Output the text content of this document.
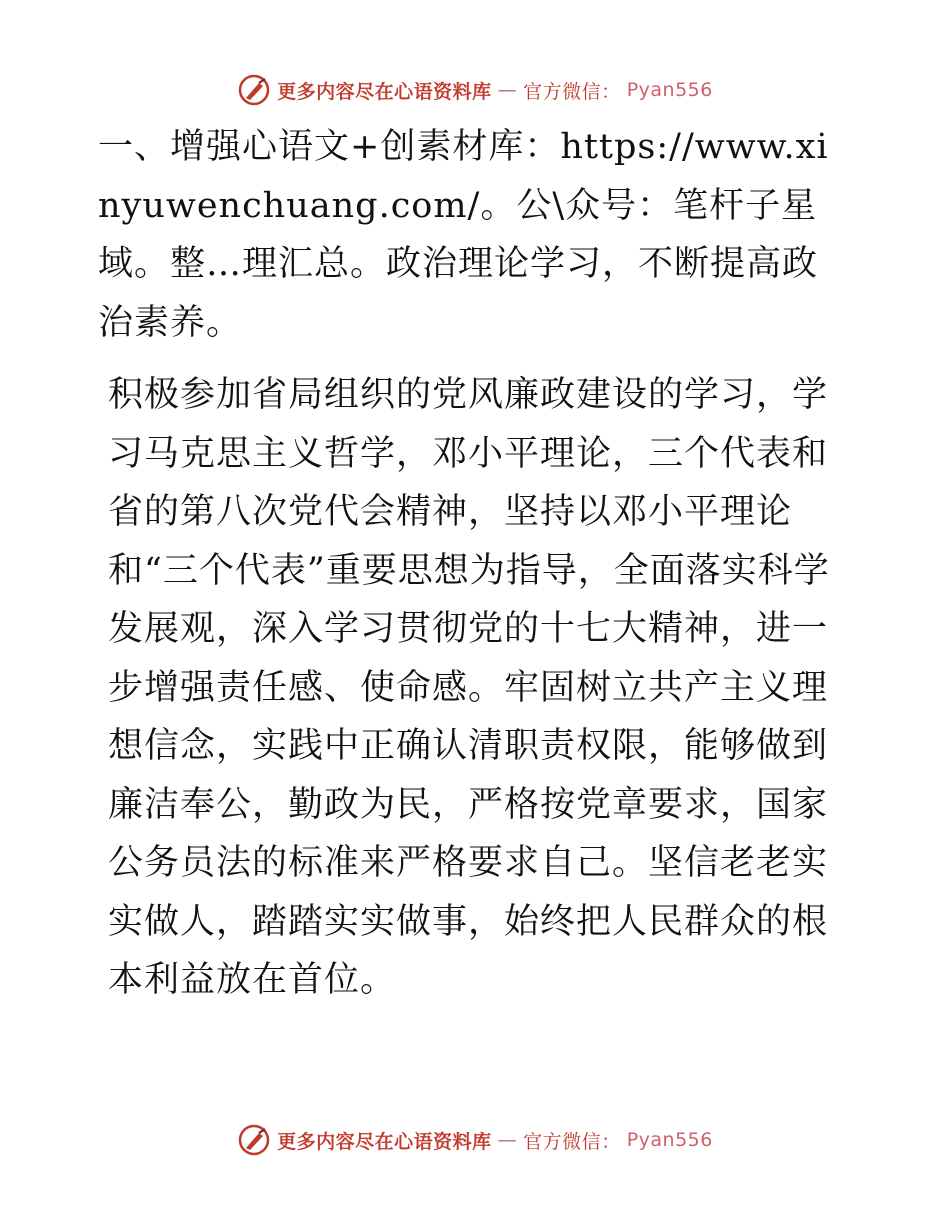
更多内容尽在心语资料库 — 官方微信： Pyan556

一、增强心语文+创素材库：https://www.xinyuwenchuang.com/。公\众号：笔杆子星域。整…理汇总。政治理论学习，不断提高政治素养。

积极参加省局组织的党风廉政建设的学习，学习马克思主义哲学，邓小平理论，三个代表和省的第八次党代会精神，坚持以邓小平理论和“三个代表”重要思想为指导，全面落实科学发展观，深入学习贯彻党的十七大精神，进一步增强责任感、使命感。牢固树立共产主义理想信念，实践中正确认清职责权限，能够做到廉洁奉公，勤政为民，严格按党章要求，国家公务员法的标准来严格要求自己。坚信老老实实做人，踏踏实实做事，始终把人民群众的根本利益放在首位。

更多内容尽在心语资料库 — 官方微信： Pyan556
